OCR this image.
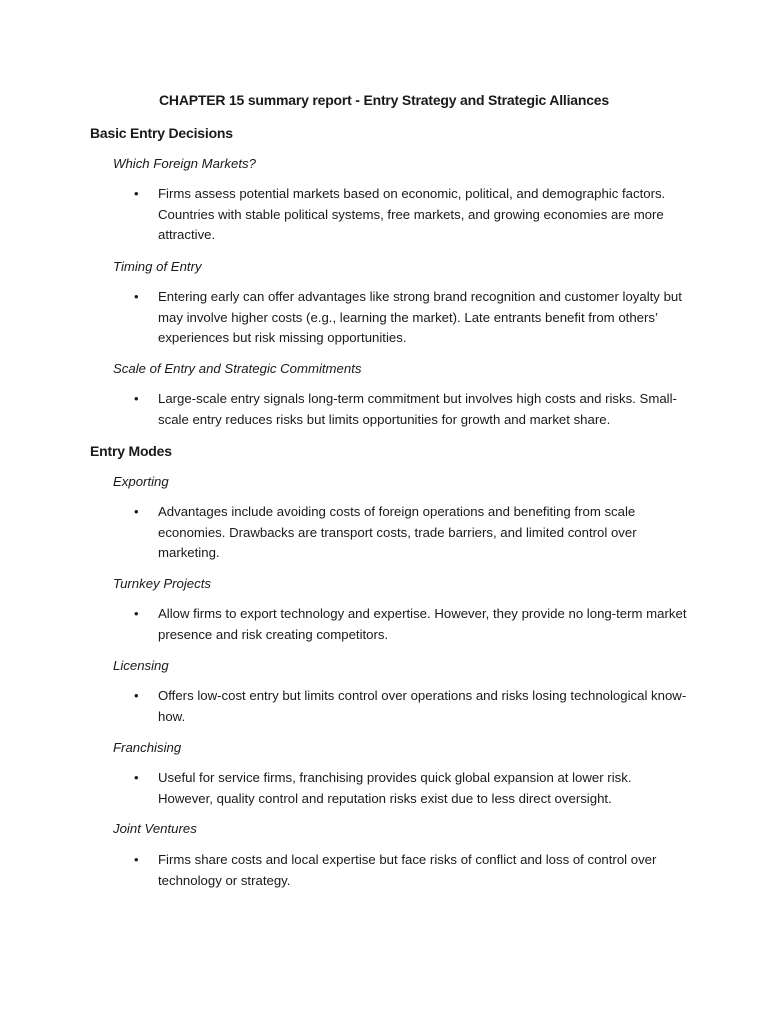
CHAPTER 15 summary report - Entry Strategy and Strategic Alliances
Basic Entry Decisions

Which Foreign Markets?

• Firms assess potential markets based on economic, political, and demographic factors. Countries with stable political systems, free markets, and growing economies are more attractive.

Timing of Entry

• Entering early can offer advantages like strong brand recognition and customer loyalty but may involve higher costs (e.g., learning the market). Late entrants benefit from others’ experiences but risk missing opportunities.

Scale of Entry and Strategic Commitments

• Large-scale entry signals long-term commitment but involves high costs and risks. Small-scale entry reduces risks but limits opportunities for growth and market share.

Entry Modes

Exporting

• Advantages include avoiding costs of foreign operations and benefiting from scale economies. Drawbacks are transport costs, trade barriers, and limited control over marketing.

Turnkey Projects

• Allow firms to export technology and expertise. However, they provide no long-term market presence and risk creating competitors.

Licensing

• Offers low-cost entry but limits control over operations and risks losing technological know-how.

Franchising

• Useful for service firms, franchising provides quick global expansion at lower risk. However, quality control and reputation risks exist due to less direct oversight.

Joint Ventures

• Firms share costs and local expertise but face risks of conflict and loss of control over technology or strategy.
